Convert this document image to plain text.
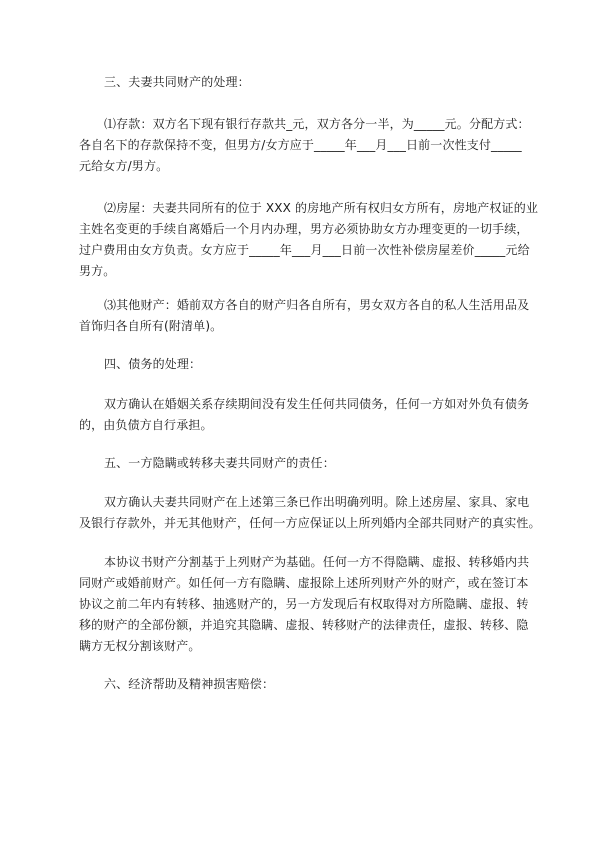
三、夫妻共同财产的处理：
⑴存款：双方名下现有银行存款共_元，双方各分一半，为_____元。分配方式：
各自名下的存款保持不变，但男方/女方应于_____年___月___日前一次性支付_____
元给女方/男方。
⑵房屋：夫妻共同所有的位于 XXX 的房地产所有权归女方所有，房地产权证的业
主姓名变更的手续自离婚后一个月内办理，男方必须协助女方办理变更的一切手续，
过户费用由女方负责。女方应于_____年___月___日前一次性补偿房屋差价_____元给
男方。
⑶其他财产：婚前双方各自的财产归各自所有，男女双方各自的私人生活用品及
首饰归各自所有(附清单)。
四、债务的处理：
双方确认在婚姻关系存续期间没有发生任何共同债务，任何一方如对外负有债务
的，由负债方自行承担。
五、一方隐瞒或转移夫妻共同财产的责任：
双方确认夫妻共同财产在上述第三条已作出明确列明。除上述房屋、家具、家电
及银行存款外，并无其他财产，任何一方应保证以上所列婚内全部共同财产的真实性。
本协议书财产分割基于上列财产为基础。任何一方不得隐瞒、虚报、转移婚内共
同财产或婚前财产。如任何一方有隐瞒、虚报除上述所列财产外的财产，或在签订本
协议之前二年内有转移、抽逃财产的，另一方发现后有权取得对方所隐瞒、虚报、转
移的财产的全部份额，并追究其隐瞒、虚报、转移财产的法律责任，虚报、转移、隐
瞒方无权分割该财产。
六、经济帮助及精神损害赔偿：
